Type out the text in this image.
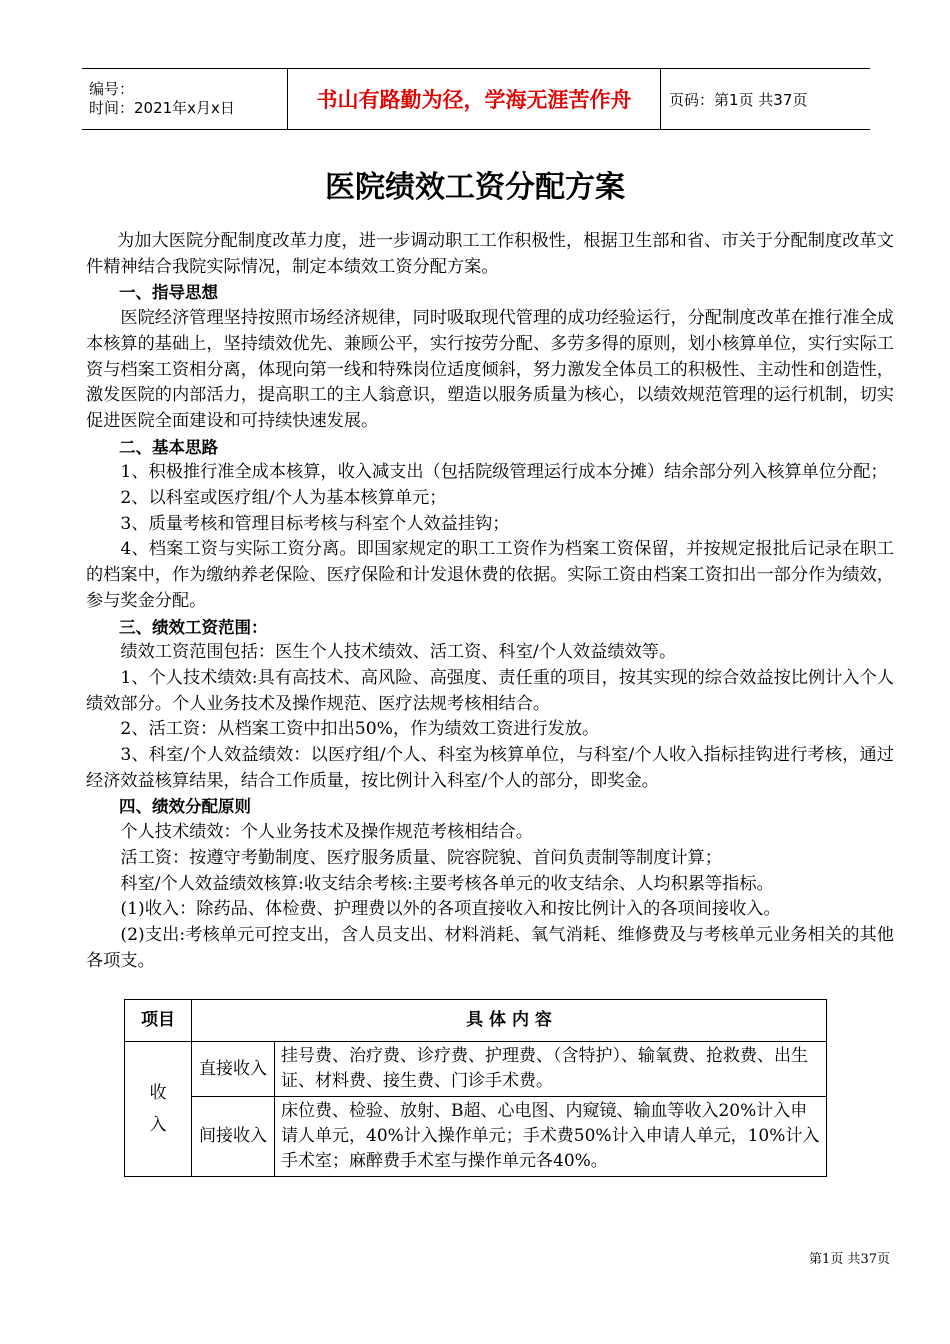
编号：
时间：2021年x月x日	书山有路勤为径，学海无涯苦作舟	页码：第1页 共37页
医院绩效工资分配方案

为加大医院分配制度改革力度，进一步调动职工工作积极性，根据卫生部和省、市关于分配制度改革文件精神结合我院实际情况，制定本绩效工资分配方案。

一、指导思想

医院经济管理坚持按照市场经济规律，同时吸取现代管理的成功经验运行，分配制度改革在推行准全成本核算的基础上，坚持绩效优先、兼顾公平，实行按劳分配、多劳多得的原则，划小核算单位，实行实际工资与档案工资相分离，体现向第一线和特殊岗位适度倾斜，努力激发全体员工的积极性、主动性和创造性，激发医院的内部活力，提高职工的主人翁意识，塑造以服务质量为核心，以绩效规范管理的运行机制，切实促进医院全面建设和可持续快速发展。

二、基本思路

1、积极推行准全成本核算，收入减支出（包括院级管理运行成本分摊）结余部分列入核算单位分配；

2、以科室或医疗组/个人为基本核算单元；

3、质量考核和管理目标考核与科室个人效益挂钩；

4、档案工资与实际工资分离。即国家规定的职工工资作为档案工资保留，并按规定报批后记录在职工的档案中，作为缴纳养老保险、医疗保险和计发退休费的依据。实际工资由档案工资扣出一部分作为绩效，参与奖金分配。

三、绩效工资范围：

绩效工资范围包括：医生个人技术绩效、活工资、科室/个人效益绩效等。

1、个人技术绩效:具有高技术、高风险、高强度、责任重的项目，按其实现的综合效益按比例计入个人绩效部分。个人业务技术及操作规范、医疗法规考核相结合。

2、活工资：从档案工资中扣出50%，作为绩效工资进行发放。

3、科室/个人效益绩效：以医疗组/个人、科室为核算单位，与科室/个人收入指标挂钩进行考核，通过经济效益核算结果，结合工作质量，按比例计入科室/个人的部分，即奖金。

四、绩效分配原则

个人技术绩效：个人业务技术及操作规范考核相结合。

活工资：按遵守考勤制度、医疗服务质量、院容院貌、首问负责制等制度计算；

科室/个人效益绩效核算:收支结余考核:主要考核各单元的收支结余、人均积累等指标。

(1)收入：除药品、体检费、护理费以外的各项直接收入和按比例计入的各项间接收入。

(2)支出:考核单元可控支出，含人员支出、材料消耗、氧气消耗、维修费及与考核单元业务相关的其他各项支。

项目	具 体 内 容	
收
入	直接收入	挂号费、治疗费、诊疗费、护理费、（含特护）、输氧费、抢救费、出生证、材料费、接生费、门诊手术费。
	间接收入	床位费、检验、放射、B超、心电图、内窥镜、输血等收入20%计入申请人单元，40%计入操作单元；手术费50%计入申请人单元，10%计入手术室；麻醉费手术室与操作单元各40%。
第1页 共37页
